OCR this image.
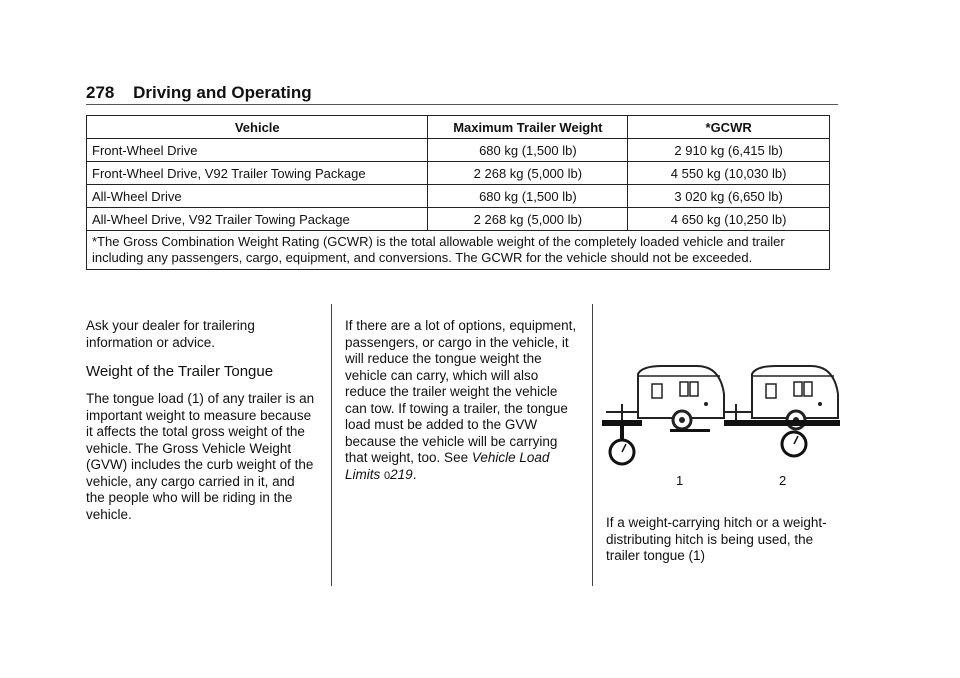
278 Driving and Operating
Vehicle	Maximum Trailer Weight	*GCWR
Front-Wheel Drive	680 kg (1,500 lb)	2 910 kg (6,415 lb)
Front-Wheel Drive, V92 Trailer Towing Package	2 268 kg (5,000 lb)	4 550 kg (10,030 lb)
All-Wheel Drive	680 kg (1,500 lb)	3 020 kg (6,650 lb)
All-Wheel Drive, V92 Trailer Towing Package	2 268 kg (5,000 lb)	4 650 kg (10,250 lb)
*The Gross Combination Weight Rating (GCWR) is the total allowable weight of the completely loaded vehicle and trailer including any passengers, cargo, equipment, and conversions. The GCWR for the vehicle should not be exceeded.		

Ask your dealer for trailering information or advice.

Weight of the Trailer Tongue

The tongue load (1) of any trailer is an important weight to measure because it affects the total gross weight of the vehicle. The Gross Vehicle Weight (GVW) includes the curb weight of the vehicle, any cargo carried in it, and the people who will be riding in the vehicle.

If there are a lot of options, equipment, passengers, or cargo in the vehicle, it will reduce the tongue weight the vehicle can carry, which will also reduce the trailer weight the vehicle can tow. If towing a trailer, the tongue load must be added to the GVW because the vehicle will be carrying that weight, too. See Vehicle Load Limits 0219.	1	2

If a weight-carrying hitch or a weight-distributing hitch is being used, the trailer tongue (1)
